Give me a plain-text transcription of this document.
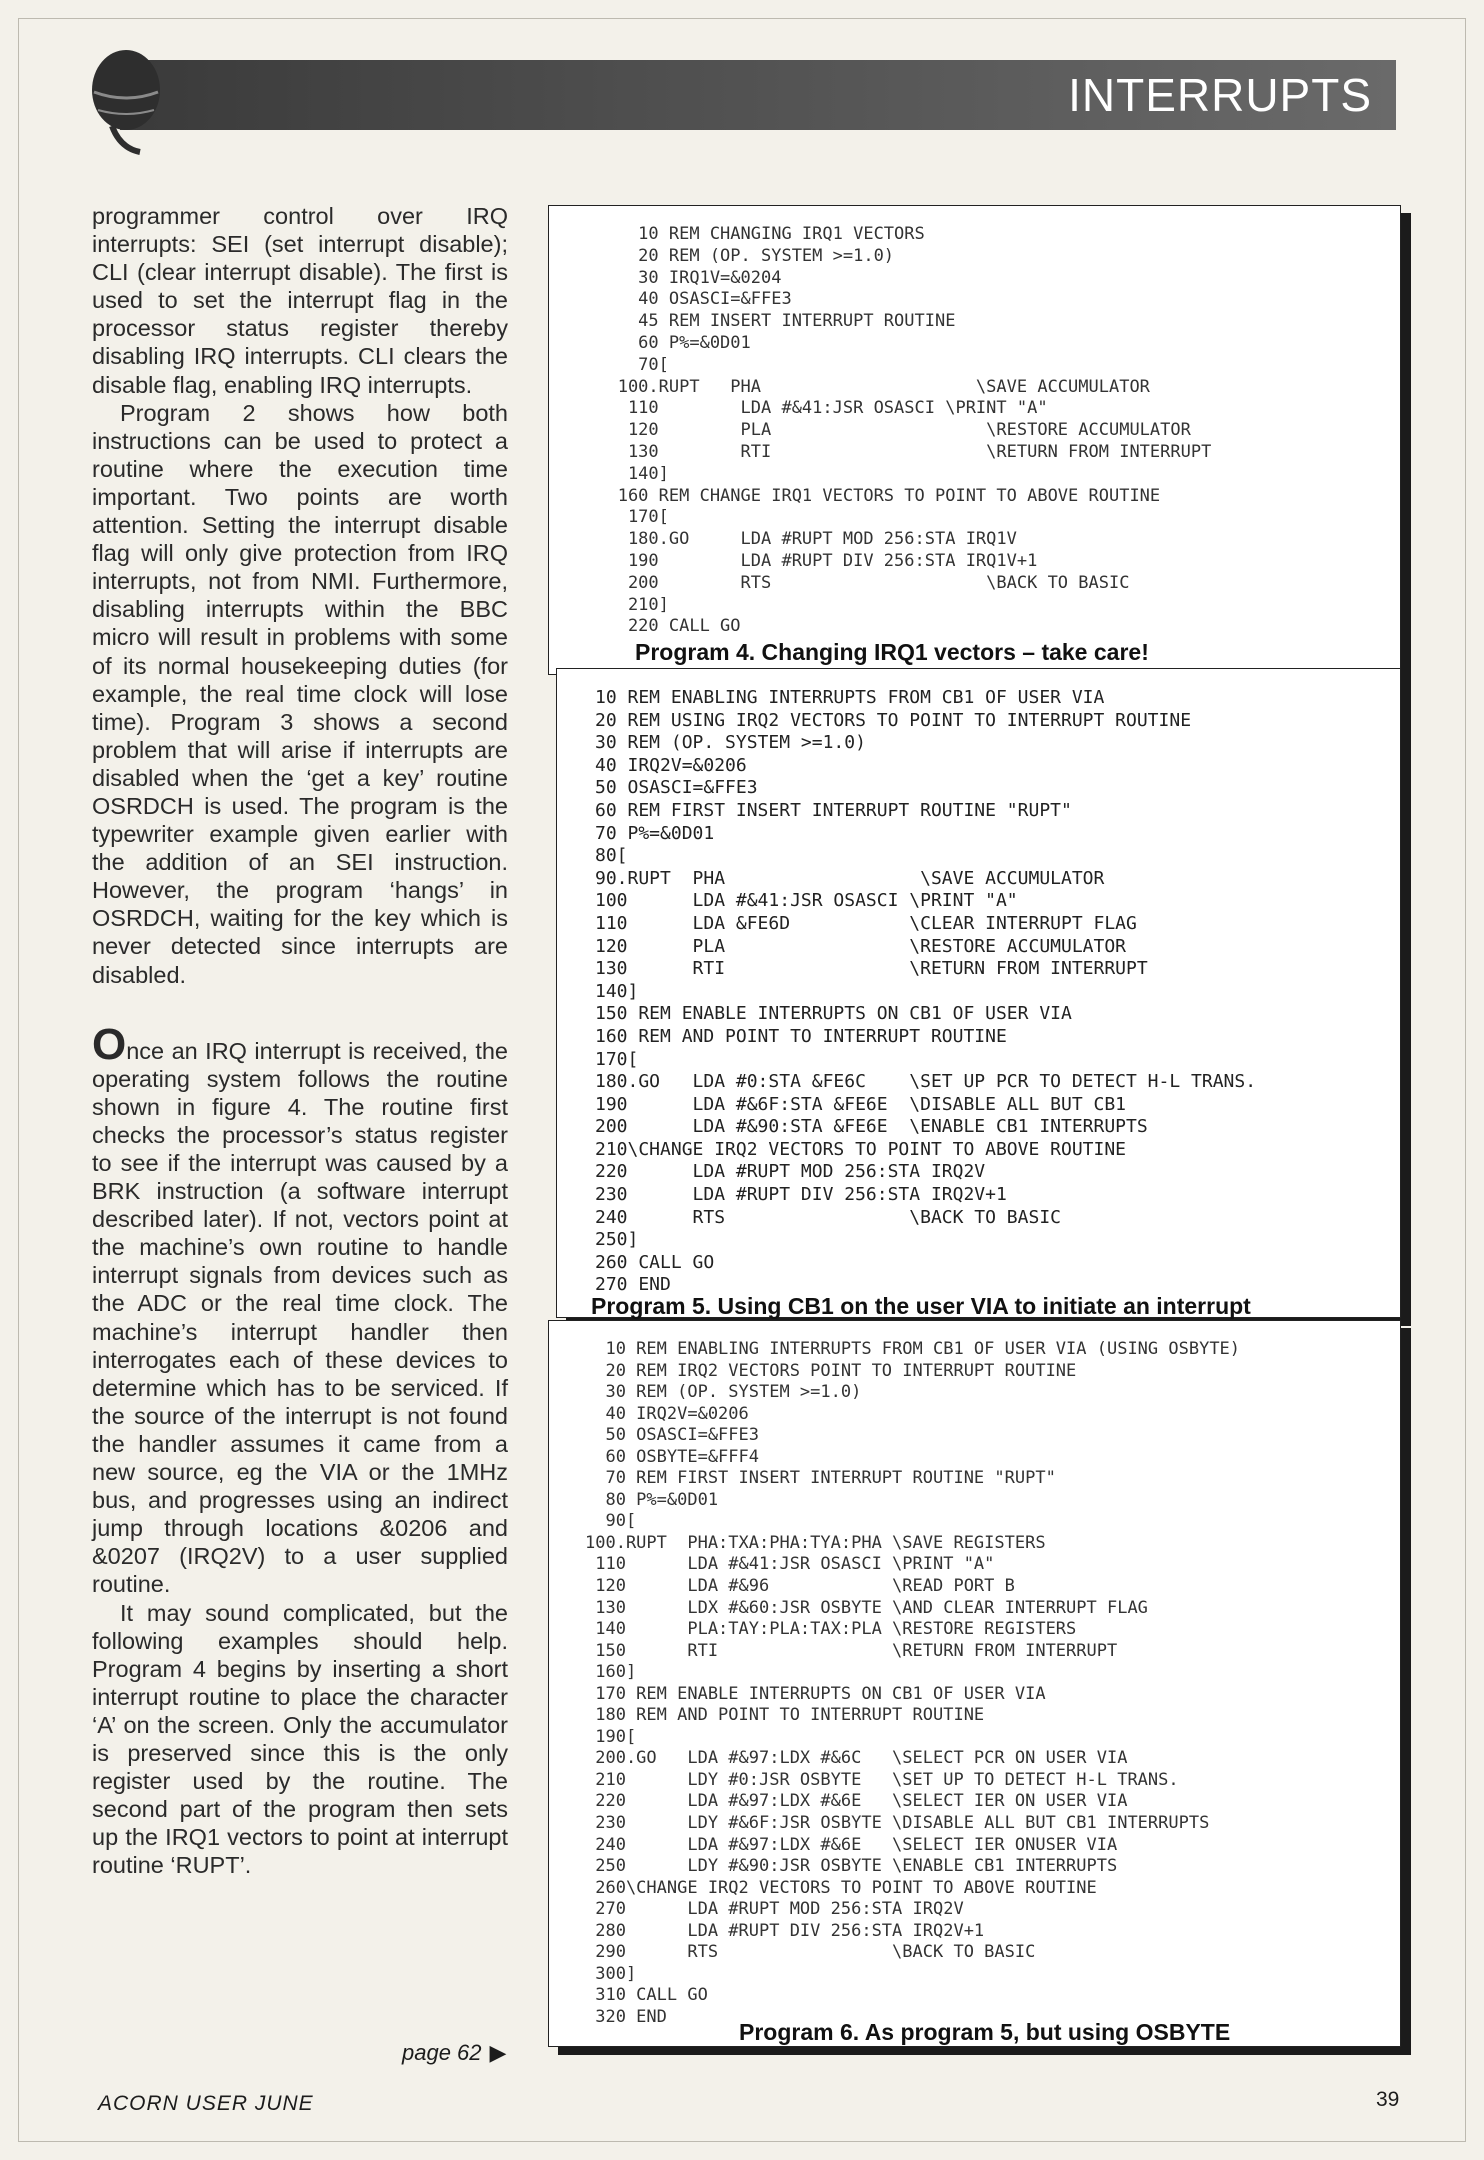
INTERRUPTS

programmer control over IRQ interrupts: SEI (set interrupt disable); CLI (clear interrupt disable). The first is used to set the interrupt flag in the processor status register thereby disabling IRQ interrupts. CLI clears the disable flag, enabling IRQ interrupts.

Program 2 shows how both instructions can be used to protect a routine where the execution time important. Two points are worth attention. Setting the interrupt disable flag will only give protection from IRQ interrupts, not from NMI. Furthermore, disabling interrupts within the BBC micro will result in problems with some of its normal housekeeping duties (for example, the real time clock will lose time). Program 3 shows a second problem that will arise if interrupts are disabled when the ‘get a key’ routine OSRDCH is used. The program is the typewriter example given earlier with the addition of an SEI instruction. However, the program ‘hangs’ in OSRDCH, waiting for the key which is never detected since interrupts are disabled.

Once an IRQ interrupt is received, the operating system follows the routine shown in figure 4. The routine first checks the processor’s status register to see if the interrupt was caused by a BRK instruction (a software interrupt described later). If not, vectors point at the machine’s own routine to handle interrupt signals from devices such as the ADC or the real time clock. The machine’s interrupt handler then interrogates each of these devices to determine which has to be serviced. If the source of the interrupt is not found the handler assumes it came from a new source, eg the VIA or the 1MHz bus, and progresses using an indirect jump through locations &0206 and &0207 (IRQ2V) to a user supplied routine.

It may sound complicated, but the following examples should help. Program 4 begins by inserting a short interrupt routine to place the character ‘A’ on the screen. Only the accumulator is preserved since this is the only register used by the routine. The second part of the program then sets up the IRQ1 vectors to point at interrupt routine ‘RUPT’.

page 62 ▶
10 REM CHANGING IRQ1 VECTORS
20 REM (OP. SYSTEM >=1.0)
30 IRQ1V=&0204
40 OSASCI=&FFE3
45 REM INSERT INTERRUPT ROUTINE
60 P%=&0D01
70[
100.RUPT   PHA                     \SAVE ACCUMULATOR
110        LDA #&41:JSR OSASCI \PRINT "A"
120        PLA                     \RESTORE ACCUMULATOR
130        RTI                     \RETURN FROM INTERRUPT
140]
160 REM CHANGE IRQ1 VECTORS TO POINT TO ABOVE ROUTINE
170[
180.GO     LDA #RUPT MOD 256:STA IRQ1V
190        LDA #RUPT DIV 256:STA IRQ1V+1
200        RTS                     \BACK TO BASIC
210]
220 CALL GO
Program 4. Changing IRQ1 vectors – take care!
10 REM ENABLING INTERRUPTS FROM CB1 OF USER VIA
20 REM USING IRQ2 VECTORS TO POINT TO INTERRUPT ROUTINE
30 REM (OP. SYSTEM >=1.0)
40 IRQ2V=&0206
50 OSASCI=&FFE3
60 REM FIRST INSERT INTERRUPT ROUTINE "RUPT"
70 P%=&0D01
80[
90.RUPT  PHA                  \SAVE ACCUMULATOR
100      LDA #&41:JSR OSASCI \PRINT "A"
110      LDA &FE6D           \CLEAR INTERRUPT FLAG
120      PLA                 \RESTORE ACCUMULATOR
130      RTI                 \RETURN FROM INTERRUPT
140]
150 REM ENABLE INTERRUPTS ON CB1 OF USER VIA
160 REM AND POINT TO INTERRUPT ROUTINE
170[
180.GO   LDA #0:STA &FE6C    \SET UP PCR TO DETECT H-L TRANS.
190      LDA #&6F:STA &FE6E  \DISABLE ALL BUT CB1
200      LDA #&90:STA &FE6E  \ENABLE CB1 INTERRUPTS
210\CHANGE IRQ2 VECTORS TO POINT TO ABOVE ROUTINE
220      LDA #RUPT MOD 256:STA IRQ2V
230      LDA #RUPT DIV 256:STA IRQ2V+1
240      RTS                 \BACK TO BASIC
250]
260 CALL GO
270 END
Program 5. Using CB1 on the user VIA to initiate an interrupt
10 REM ENABLING INTERRUPTS FROM CB1 OF USER VIA (USING OSBYTE)
20 REM IRQ2 VECTORS POINT TO INTERRUPT ROUTINE
30 REM (OP. SYSTEM >=1.0)
40 IRQ2V=&0206
50 OSASCI=&FFE3
60 OSBYTE=&FFF4
70 REM FIRST INSERT INTERRUPT ROUTINE "RUPT"
80 P%=&0D01
90[
100.RUPT  PHA:TXA:PHA:TYA:PHA \SAVE REGISTERS
110      LDA #&41:JSR OSASCI \PRINT "A"
120      LDA #&96            \READ PORT B
130      LDX #&60:JSR OSBYTE \AND CLEAR INTERRUPT FLAG
140      PLA:TAY:PLA:TAX:PLA \RESTORE REGISTERS
150      RTI                 \RETURN FROM INTERRUPT
160]
170 REM ENABLE INTERRUPTS ON CB1 OF USER VIA
180 REM AND POINT TO INTERRUPT ROUTINE
190[
200.GO   LDA #&97:LDX #&6C   \SELECT PCR ON USER VIA
210      LDY #0:JSR OSBYTE   \SET UP TO DETECT H-L TRANS.
220      LDA #&97:LDX #&6E   \SELECT IER ON USER VIA
230      LDY #&6F:JSR OSBYTE \DISABLE ALL BUT CB1 INTERRUPTS
240      LDA #&97:LDX #&6E   \SELECT IER ONUSER VIA
250      LDY #&90:JSR OSBYTE \ENABLE CB1 INTERRUPTS
260\CHANGE IRQ2 VECTORS TO POINT TO ABOVE ROUTINE
270      LDA #RUPT MOD 256:STA IRQ2V
280      LDA #RUPT DIV 256:STA IRQ2V+1
290      RTS                 \BACK TO BASIC
300]
310 CALL GO
320 END
Program 6. As program 5, but using OSBYTE
ACORN USER JUNE	39
